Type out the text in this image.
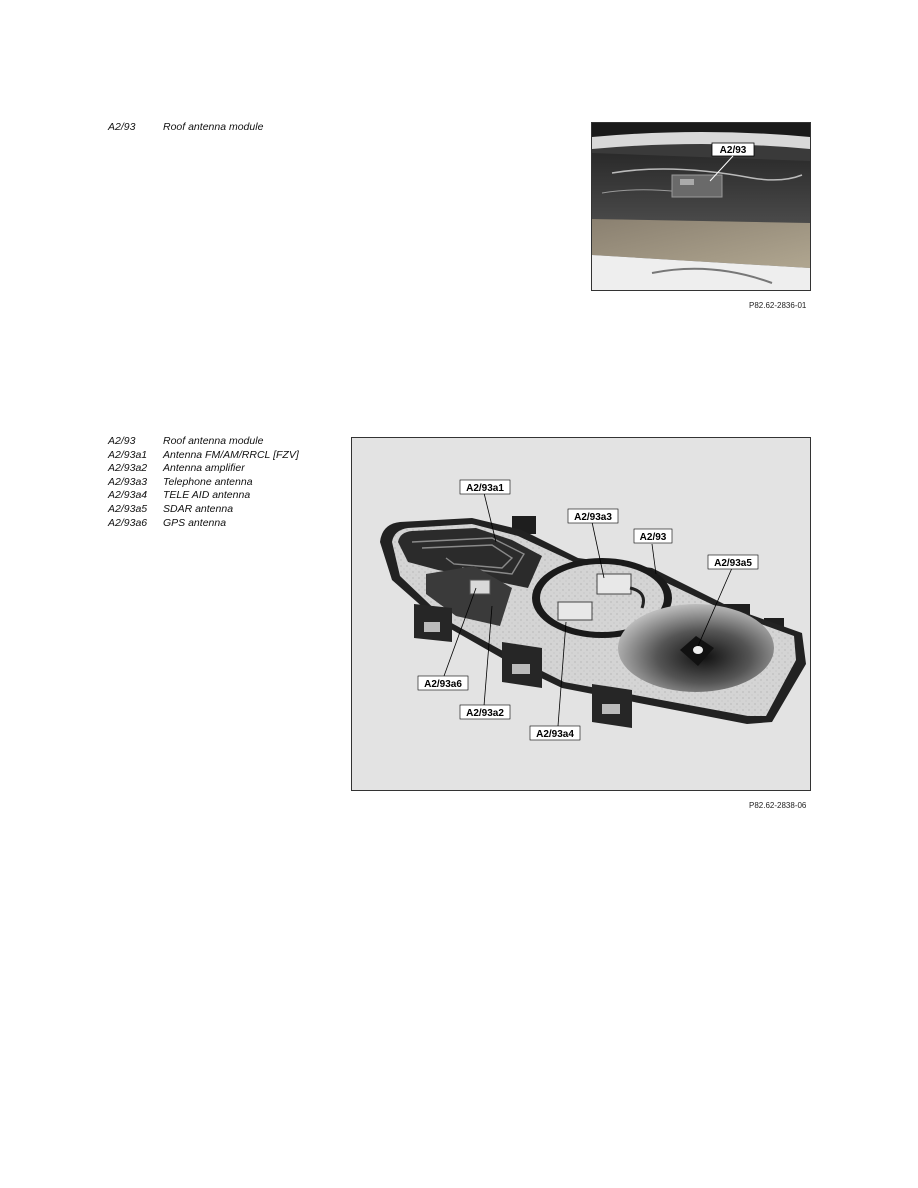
A2/93	Roof antenna module
A2/93
P82.62-2836-01
A2/93	Roof antenna module
A2/93a1	Antenna FM/AM/RRCL [FZV]
A2/93a2	Antenna amplifier
A2/93a3	Telephone antenna
A2/93a4	TELE AID antenna
A2/93a5	SDAR antenna
A2/93a6	GPS antenna
A2/93a1
A2/93a3
A2/93
A2/93a5
A2/93a6
A2/93a2
A2/93a4
P82.62-2838-06
